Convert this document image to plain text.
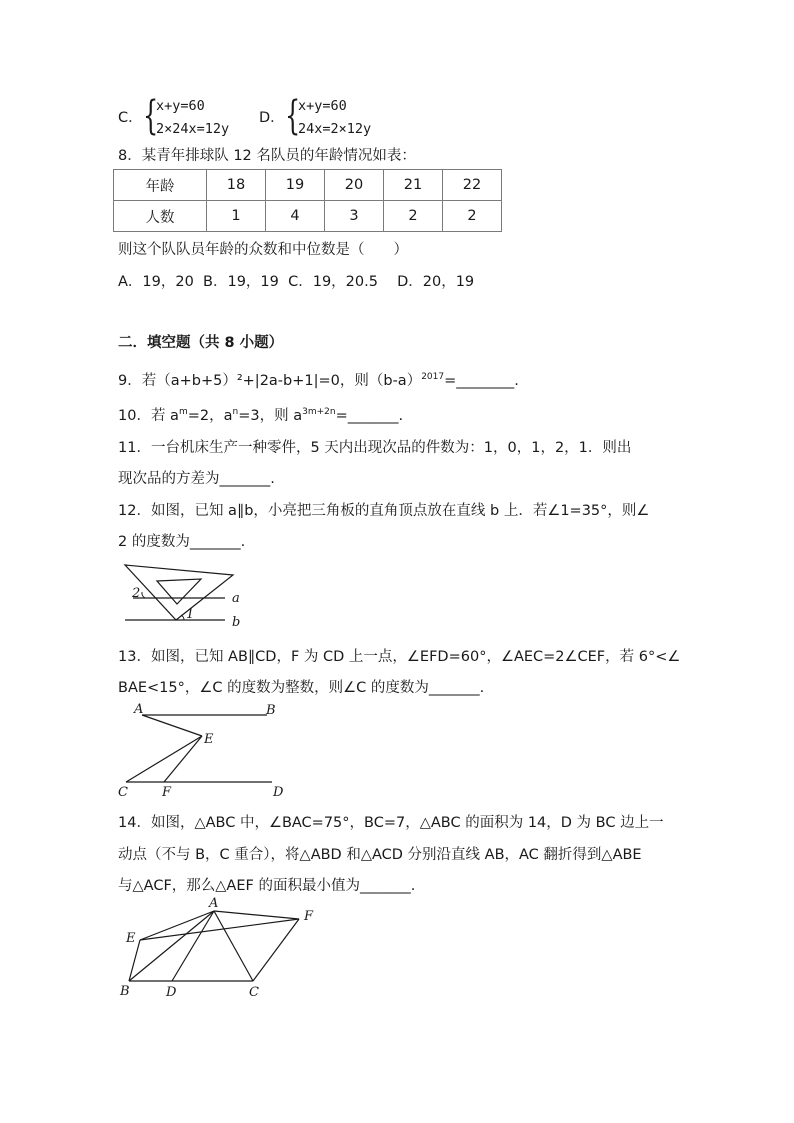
C． {
x+y=60
2×24x=12y
D． {
x+y=60
24x=2×12y
8．某青年排球队 12 名队员的年龄情况如表：
年龄	18	19	20	21	22
人数	1	4	3	2	2
则这个队队员年龄的众数和中位数是（　　）
A．19，20  B．19，19  C．19，20.5　 D．20，19
二．填空题（共 8 小题）
9．若（a+b+5）²+|2a-b+1|=0，则$(b-a)^{2017}=\_\_\_\_\_\_\_\_$.
10．若 $a^m=2$，$a^n=3$，则 $a^{3m+2n}=\_\_\_\_\_\_\_$.
11．一台机床生产一种零件，5 天内出现次品的件数为：1，0，1，2，1．则出
现次品的方差为_______.
12．如图，已知 a∥b，小亮把三角板的直角顶点放在直线 b 上．若∠1=35°，则∠
2 的度数为_______.
2
1
a
b
13．如图，已知 AB∥CD，F 为 CD 上一点，∠EFD=60°，∠AEC=2∠CEF，若 6°<∠
BAE<15°，∠C 的度数为整数，则∠C 的度数为_______.
A	B
E
C	F	D
14．如图，△ABC 中，∠BAC=75°，BC=7，△ABC 的面积为 14，D 为 BC 边上一
动点（不与 B，C 重合），将△ABD 和△ACD 分别沿直线 AB，AC 翻折得到△ABE
与△ACF，那么△AEF 的面积最小值为_______.
A
E
F
B	D	C
